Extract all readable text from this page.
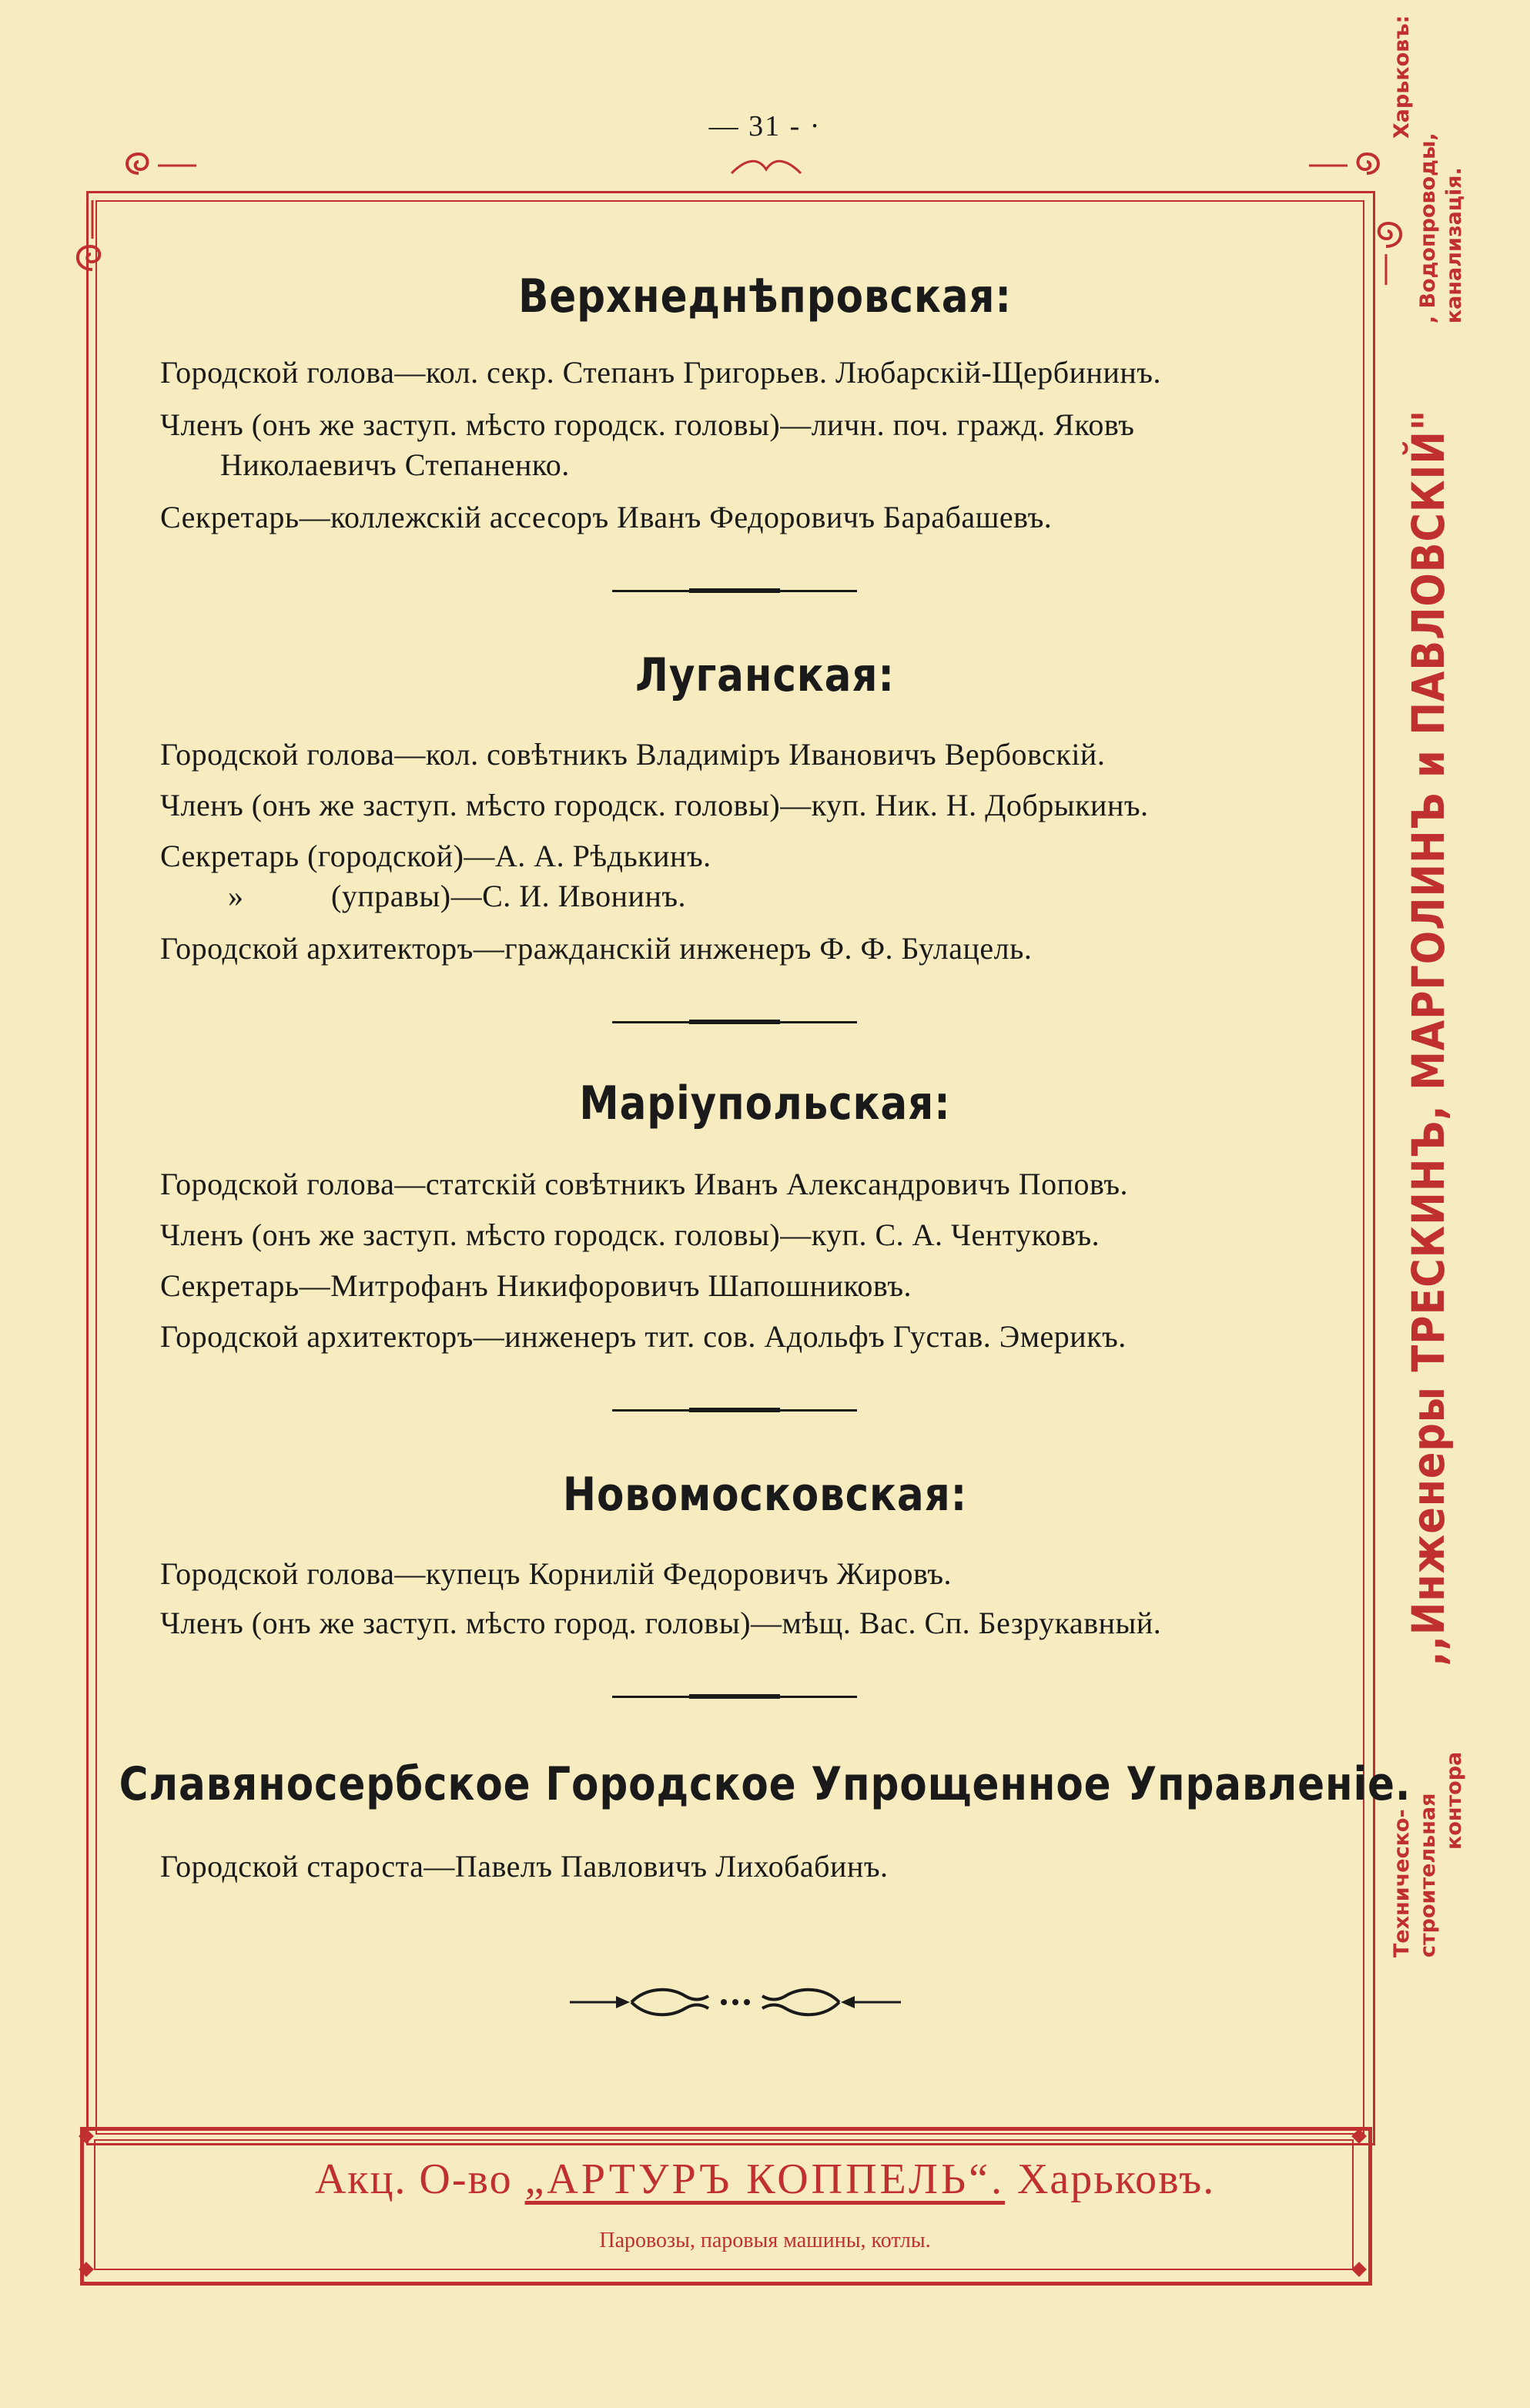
— 31 - ·
Верхнеднѣпровская:
Городской голова—кол. секр. Степанъ Григорьев. Любарскій-Щербининъ.
Членъ (онъ же заступ. мѣсто городск. головы)—личн. поч. гражд. Яковъ
Николаевичъ Степаненко.
Секретарь—коллежскій ассесоръ Иванъ Федоровичъ Барабашевъ.
Луганская:
Городской голова—кол. совѣтникъ Владиміръ Ивановичъ Вербовскій.
Членъ (онъ же заступ. мѣсто городск. головы)—куп. Ник. Н. Добрыкинъ.
Секретарь (городской)—А. А. Рѣдькинъ.
»	(управы)—С. И. Ивонинъ.
Городской архитекторъ—гражданскій инженеръ Ф. Ф. Булацель.
Маріупольская:
Городской голова—статскій совѣтникъ Иванъ Александровичъ Поповъ.
Членъ (онъ же заступ. мѣсто городск. головы)—куп. С. А. Чентуковъ.
Секретарь—Митрофанъ Никифоровичъ Шапошниковъ.
Городской архитекторъ—инженеръ тит. сов. Адольфъ Густав. Эмерикъ.
Новомосковская:
Городской голова—купецъ Корнилій Федоровичъ Жировъ.
Членъ (онъ же заступ. мѣсто город. головы)—мѣщ. Вас. Сп. Безрукавный.
Славяносербское Городское Упрощенное Управленіе.
Городской староста—Павелъ Павловичъ Лихобабинъ.	Техническо-строительная контора
,,Инженеры ТРЕСКИНЪ, МАРГОЛИНЪ и ПАВЛОВСКІЙ"
Харьковъ:
, Водопроводы, канализація.
Акц. О-во „АРТУРЪ КОППЕЛЬ“. Харьковъ.
Паровозы, паровыя машины, котлы.
